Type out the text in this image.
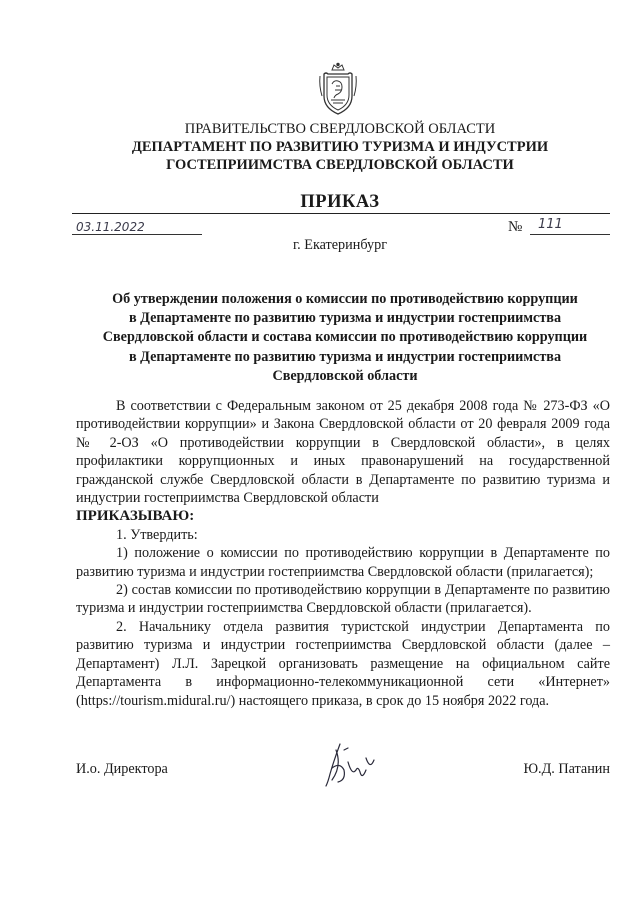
ПРАВИТЕЛЬСТВО СВЕРДЛОВСКОЙ ОБЛАСТИ
ДЕПАРТАМЕНТ ПО РАЗВИТИЮ ТУРИЗМА И ИНДУСТРИИ
ГОСТЕПРИИМСТВА СВЕРДЛОВСКОЙ ОБЛАСТИ
ПРИКАЗ
03.11.2022	№ 111
г. Екатеринбург
Об утверждении положения о комиссии по противодействию коррупции
в Департаменте по развитию туризма и индустрии гостеприимства
Свердловской области и состава комиссии по противодействию коррупции
в Департаменте по развитию туризма и индустрии гостеприимства
Свердловской области

В соответствии с Федеральным законом от 25 декабря 2008 года № 273-ФЗ «О противодействии коррупции» и Закона Свердловской области от 20 февраля 2009 года № 2-ОЗ «О противодействии коррупции в Свердловской области», в целях профилактики коррупционных и иных правонарушений на государственной гражданской службе Свердловской области в Департаменте по развитию туризма и индустрии гостеприимства Свердловской области

ПРИКАЗЫВАЮ:

1. Утвердить:

1) положение о комиссии по противодействию коррупции в Департаменте по развитию туризма и индустрии гостеприимства Свердловской области (прилагается);

2) состав комиссии по противодействию коррупции в Департаменте по развитию туризма и индустрии гостеприимства Свердловской области (прилагается).

2. Начальнику отдела развития туристской индустрии Департамента по развитию туризма и индустрии гостеприимства Свердловской области (далее – Департамент) Л.Л. Зарецкой организовать размещение на официальном сайте Департамента в информационно-телекоммуникационной сети «Интернет» (https://tourism.midural.ru/) настоящего приказа, в срок до 15 ноября 2022 года.

И.о. Директора	Ю.Д. Патанин
